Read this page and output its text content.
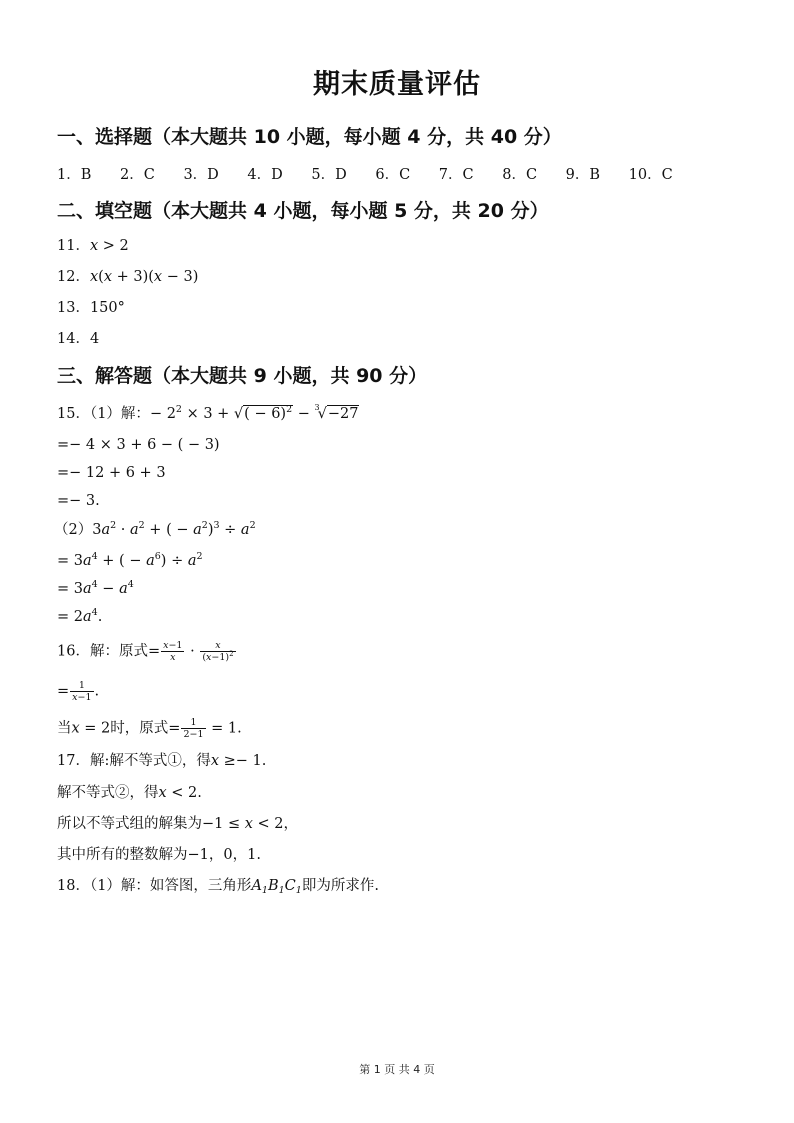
期末质量评估
一、选择题（本大题共 10 小题，每小题 4 分，共 40 分）
1．B 2．C 3．D 4．D 5．D 6．C 7．C 8．C 9．B 10．C
二、填空题（本大题共 4 小题，每小题 5 分，共 20 分）
11．x > 2
12．x(x + 3)(x − 3)
13．150°
14．4
三、解答题（本大题共 9 小题，共 90 分）
15．（1）解：− $2^2 \times 3$ + √( − 6)$^2$ − $^3$√−27
=− 4 × 3 + 6 − ( − 3)
=− 12 + 6 + 3
=− 3.
$(2)3a^2 \cdot a^2$ + ( − $a^2)^3 \div a^2$
= $3a^4$ + ( − $a^6) \div a^2$
= $3a^4 - a^4$
= $2a^4$.
16．解：原式= $\frac{x-1}{x} \cdot \frac{x}{(x-1)^2}$
= $\frac{1}{x-1}$ .
当x = 2时，原式= $\frac{1}{2-1} = 1$.
17．解:解不等式①，得x ≥− 1.
解不等式②，得x < 2.
所以不等式组的解集为−1 ≤ x < 2，
其中所有的整数解为−1，0，1.
18．（1）解：如答图，三角形$A_1B_1C_1$即为所求作.
第 1 页 共 4 页
